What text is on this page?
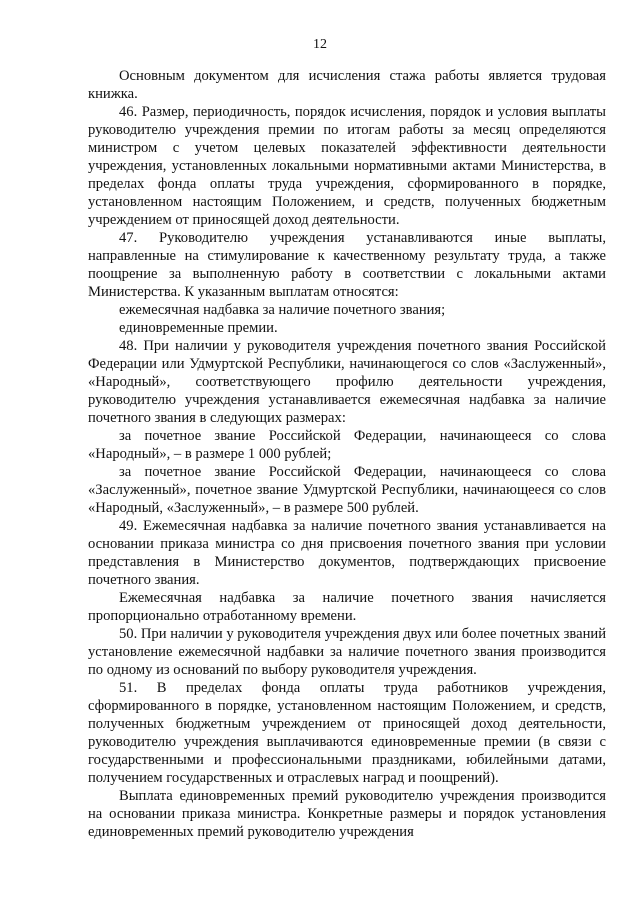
12

Основным документом для исчисления стажа работы является трудовая книжка.

46. Размер, периодичность, порядок исчисления, порядок и условия выплаты руководителю учреждения премии по итогам работы за месяц определяются министром с учетом целевых показателей эффективности деятельности учреждения, установленных локальными нормативными актами Министерства, в пределах фонда оплаты труда учреждения, сформированного в порядке, установленном настоящим Положением, и средств, полученных бюджетным учреждением от приносящей доход деятельности.

47. Руководителю учреждения устанавливаются иные выплаты, направленные на стимулирование к качественному результату труда, а также поощрение за выполненную работу в соответствии с локальными актами Министерства. К указанным выплатам относятся:

ежемесячная надбавка за наличие почетного звания;

единовременные премии.

48. При наличии у руководителя учреждения почетного звания Российской Федерации или Удмуртской Республики, начинающегося со слов «Заслуженный», «Народный», соответствующего профилю деятельности учреждения, руководителю учреждения устанавливается ежемесячная надбавка за наличие почетного звания в следующих размерах:

за почетное звание Российской Федерации, начинающееся со слова «Народный», – в размере 1 000 рублей;

за почетное звание Российской Федерации, начинающееся со слова «Заслуженный», почетное звание Удмуртской Республики, начинающееся со слов «Народный, «Заслуженный», – в размере 500 рублей.

49. Ежемесячная надбавка за наличие почетного звания устанавливается на основании приказа министра со дня присвоения почетного звания при условии представления в Министерство документов, подтверждающих присвоение почетного звания.

Ежемесячная надбавка за наличие почетного звания начисляется пропорционально отработанному времени.

50. При наличии у руководителя учреждения двух или более почетных званий установление ежемесячной надбавки за наличие почетного звания производится по одному из оснований по выбору руководителя учреждения.

51. В пределах фонда оплаты труда работников учреждения, сформированного в порядке, установленном настоящим Положением, и средств, полученных бюджетным учреждением от приносящей доход деятельности, руководителю учреждения выплачиваются единовременные премии (в связи с государственными и профессиональными праздниками, юбилейными датами, получением государственных и отраслевых наград и поощрений).

Выплата единовременных премий руководителю учреждения производится на основании приказа министра. Конкретные размеры и порядок установления единовременных премий руководителю учреждения
